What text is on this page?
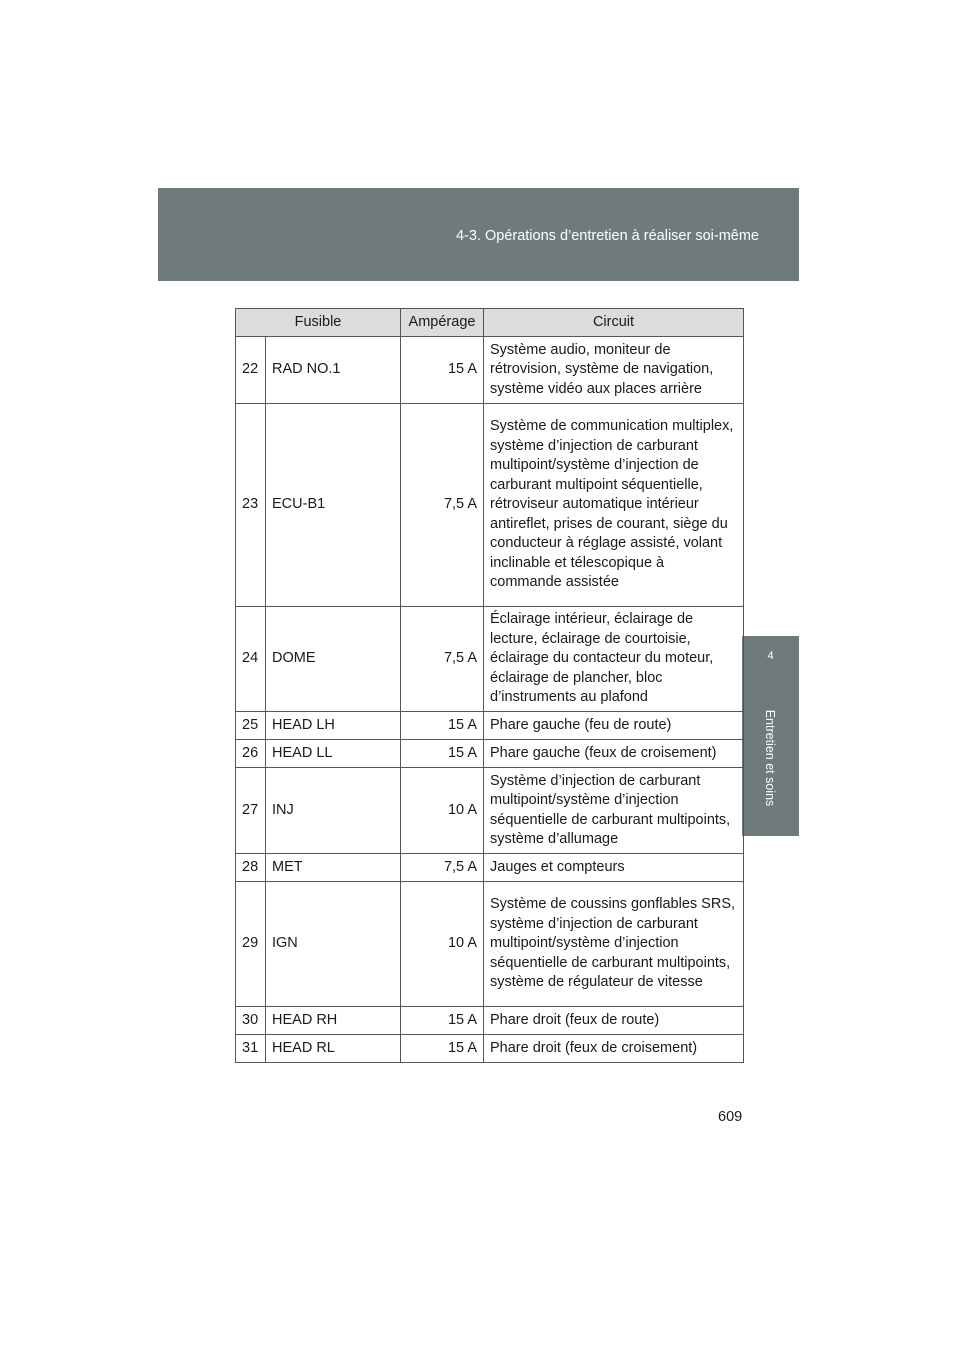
4-3. Opérations d’entretien à réaliser soi-même
4
Entretien et soins
Fusible		Ampérage	Circuit
22	RAD NO.1	15 A	Système audio, moniteur de rétrovision, système de navigation, système vidéo aux places arrière
23	ECU-B1	7,5 A	Système de communication multiplex, système d’injection de carburant multipoint/système d’injection de carburant multipoint séquentielle, rétroviseur automatique intérieur antireflet, prises de courant, siège du conducteur à réglage assisté, volant inclinable et télescopique à commande assistée
24	DOME	7,5 A	Éclairage intérieur, éclairage de lecture, éclairage de courtoisie, éclairage du contacteur du moteur, éclairage de plancher, bloc d’instruments au plafond
25	HEAD LH	15 A	Phare gauche (feu de route)
26	HEAD LL	15 A	Phare gauche (feux de croisement)
27	INJ	10 A	Système d’injection de carburant multipoint/système d’injection séquentielle de carburant multipoints, système d’allumage
28	MET	7,5 A	Jauges et compteurs
29	IGN	10 A	Système de coussins gonflables SRS, système d’injection de carburant multipoint/système d’injection séquentielle de carburant multipoints, système de régulateur de vitesse
30	HEAD RH	15 A	Phare droit (feux de route)
31	HEAD RL	15 A	Phare droit (feux de croisement)
609
